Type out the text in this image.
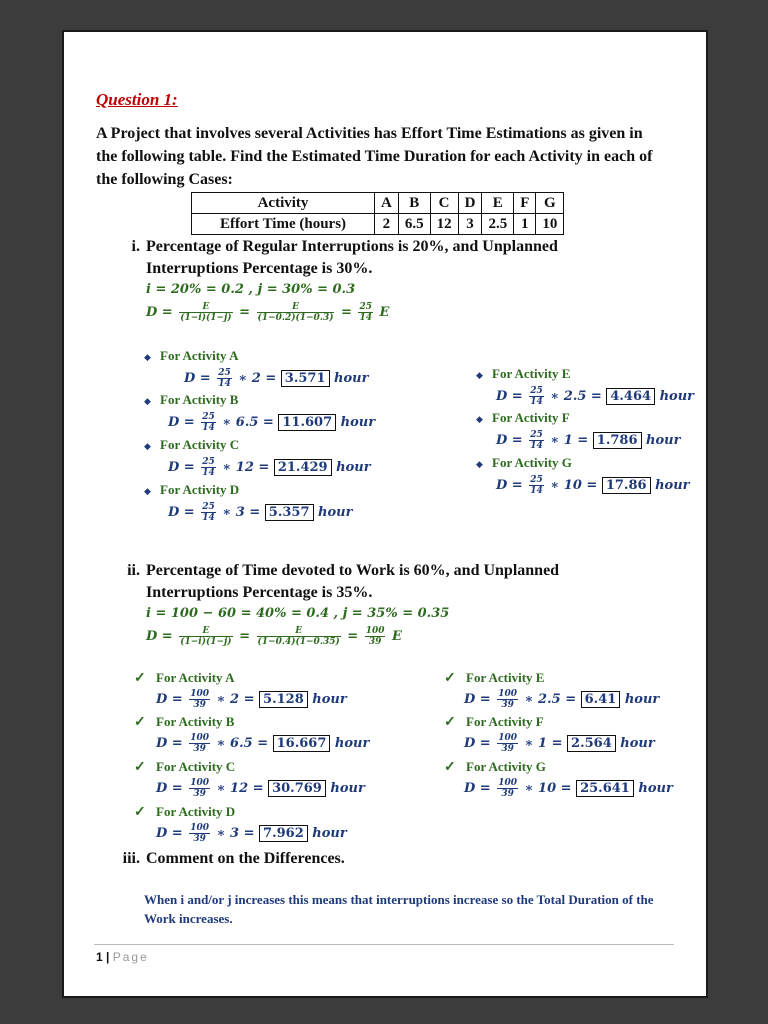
Question 1:
A Project that involves several Activities has Effort Time Estimations as given in the following table. Find the Estimated Time Duration for each Activity in each of the following Cases:
Activity	A	B	C	D	E	F	G
Effort Time (hours)	2	6.5	12	3	2.5	1	10
i. Percentage of Regular Interruptions is 20%, and Unplanned Interruptions Percentage is 30%.
i = 20% = 0.2 , j = 30% = 0.3
$D = \frac{E}{(1-i)(1-j)} = \frac{E}{(1-0.2)(1-0.3)} = \frac{25}{14}$ E
◆ For Activity A
$D = \frac{25}{14}$ ∗ 2 = 3.571 hour
◆ For Activity B
$D = \frac{25}{14}$ ∗ 6.5 = 11.607 hour
◆ For Activity C
$D = \frac{25}{14}$ ∗ 12 = 21.429 hour
◆ For Activity D
$D = \frac{25}{14}$ ∗ 3 = 5.357 hour
◆ For Activity E
$D = \frac{25}{14}$ ∗ 2.5 = 4.464 hour
◆ For Activity F
$D = \frac{25}{14}$ ∗ 1 = 1.786 hour
◆ For Activity G
$D = \frac{25}{14}$ ∗ 10 = 17.86 hour
ii. Percentage of Time devoted to Work is 60%, and Unplanned Interruptions Percentage is 35%.
i = 100 − 60 = 40% = 0.4 , j = 35% = 0.35
$D = \frac{E}{(1-i)(1-j)} = \frac{E}{(1-0.4)(1-0.35)} = \frac{100}{39}$ E
✓ For Activity A
$D = \frac{100}{39}$ ∗ 2 = 5.128 hour
✓ For Activity B
$D = \frac{100}{39}$ ∗ 6.5 = 16.667 hour
✓ For Activity C
$D = \frac{100}{39}$ ∗ 12 = 30.769 hour
✓ For Activity D
$D = \frac{100}{39}$ ∗ 3 = 7.962 hour
✓ For Activity E
$D = \frac{100}{39}$ ∗ 2.5 = 6.41 hour
✓ For Activity F
$D = \frac{100}{39}$ ∗ 1 = 2.564 hour
✓ For Activity G
$D = \frac{100}{39}$ ∗ 10 = 25.641 hour
iii. Comment on the Differences.
When i and/or j increases this means that interruptions increase so the Total Duration of the Work increases.
1 | Page
